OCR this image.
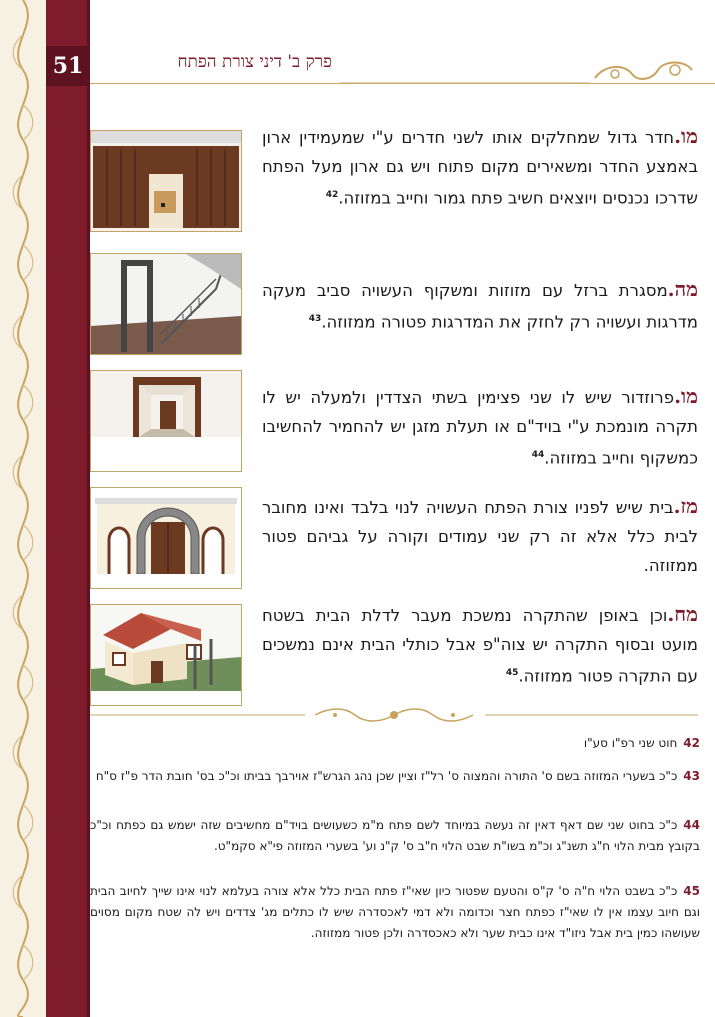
51	פרק ב' דיני צורת הפתח
מו.חדר גדול שמחלקים אותו לשני חדרים ע"י שמעמידין ארון באמצע החדר ומשאירים מקום פתוח ויש גם ארון מעל הפתח שדרכו נכנסים ויוצאים חשיב פתח גמור וחייב במזוזה.$^{42}$
מה.מסגרת ברזל עם מזוזות ומשקוף העשויה סביב מעקה מדרגות ועשויה רק לחזק את המדרגות פטורה ממזוזה.$^{43}$
מו.פרוזדור שיש לו שני פצימין בשתי הצדדין ולמעלה יש לו תקרה מונמכת ע"י בויד"ם או תעלת מזגן יש להחמיר להחשיבו כמשקוף וחייב במזוזה.$^{44}$
מז.בית שיש לפניו צורת הפתח העשויה לנוי בלבד ואינו מחובר לבית כלל אלא זה רק שני עמודים וקורה על גביהם פטור ממזוזה.
מח.וכן באופן שהתקרה נמשכת מעבר לדלת הבית בשטח מועט ובסוף התקרה יש צוה"פ אבל כותלי הבית אינם נמשכים עם התקרה פטור ממזוזה.$^{45}$
42חוט שני רפ"ו סע"ו
43כ"כ בשערי המזוזה בשם ס' התורה והמצוה ס' רל"ז וציין שכן נהג הגרש"ז אוירבך בביתו וכ"כ בס' חובת הדר פ"ז ס"ח
44כ"כ בחוט שני שם דאף דאין זה נעשה במיוחד לשם פתח מ"מ כשעושים בויד"ם מחשיבים שזה ישמש גם כפתח וכ"כ בקובץ מבית הלוי ח"ג תשנ"ג וכ"מ בשו"ת שבט הלוי ח"ב ס' ק"נ וע' בשערי המזוזה פי"א סקמ"ט.
45כ"כ בשבט הלוי ח"ה ס' ק"ס והטעם שפטור כיון שאי"ז פתח הבית כלל אלא צורה בעלמא לנוי אינו שייך לחיוב הבית וגם חיוב עצמו אין לו שאי"ז כפתח חצר וכדומה ולא דמי לאכסדרה שיש לו כתלים מג' צדדים ויש לה שטח מקום מסוים שעושהו כמין בית אבל ניזו"ד אינו כבית שער ולא כאכסדרה ולכן פטור ממזוזה.
